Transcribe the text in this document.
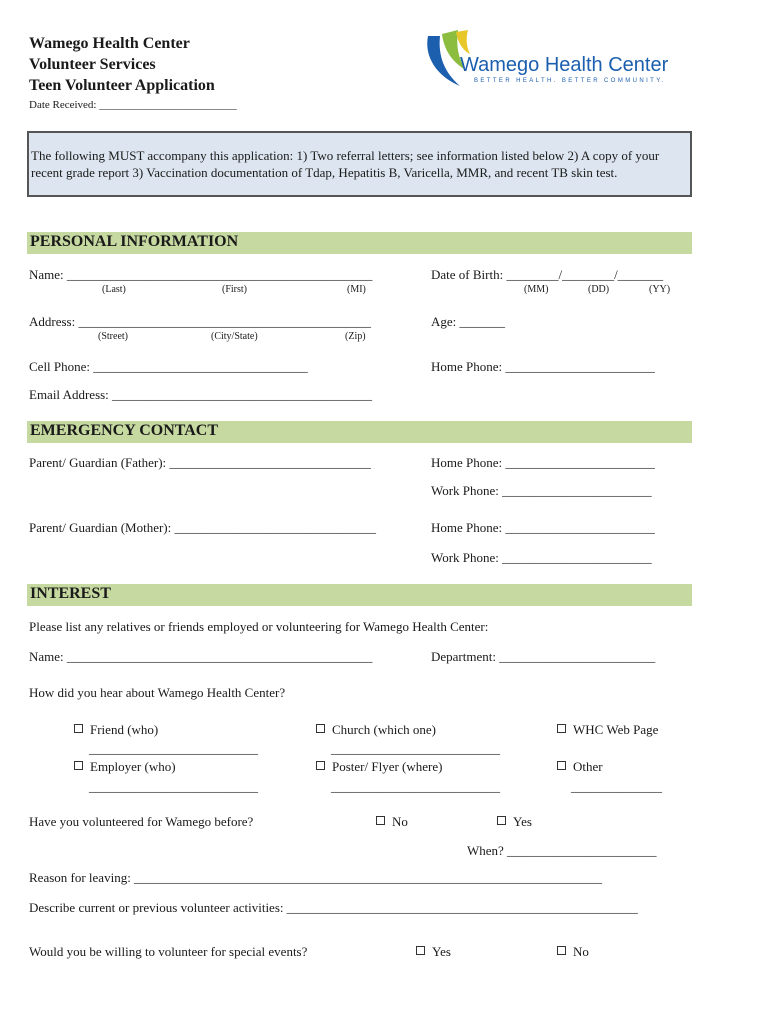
Wamego Health Center
Volunteer Services
Teen Volunteer Application
Date Received: _________________________
Wamego Health Center
BETTER HEALTH. BETTER COMMUNITY.
The following MUST accompany this application: 1) Two referral letters; see information listed below 2) A copy of your recent grade report 3) Vaccination documentation of Tdap, Hepatitis B, Varicella, MMR, and recent TB skin test.
PERSONAL INFORMATION
Name: _______________________________________________
(Last)	(First)	(MI)
Date of Birth: ________/________/_______
(MM)	(DD)	(YY)
Address: _____________________________________________
(Street)	(City/State)	(Zip)
Age: _______
Cell Phone: _________________________________	Home Phone: _______________________
Email Address: ________________________________________
EMERGENCY CONTACT
Parent/ Guardian (Father): _______________________________	Home Phone: _______________________
Work Phone: _______________________
Parent/ Guardian (Mother): _______________________________	Home Phone: _______________________
Work Phone: _______________________
INTEREST
Please list any relatives or friends employed or volunteering for Wamego Health Center:
Name: _______________________________________________	Department: ________________________
How did you hear about Wamego Health Center?
Friend (who)
__________________________
Church (which one)
__________________________
WHC Web Page
Employer (who)
__________________________
Poster/ Flyer (where)
__________________________
Other
______________
Have you volunteered for Wamego before?	No	Yes
When? _______________________
Reason for leaving: ________________________________________________________________________
Describe current or previous volunteer activities: ______________________________________________________
Would you be willing to volunteer for special events?	Yes	No
